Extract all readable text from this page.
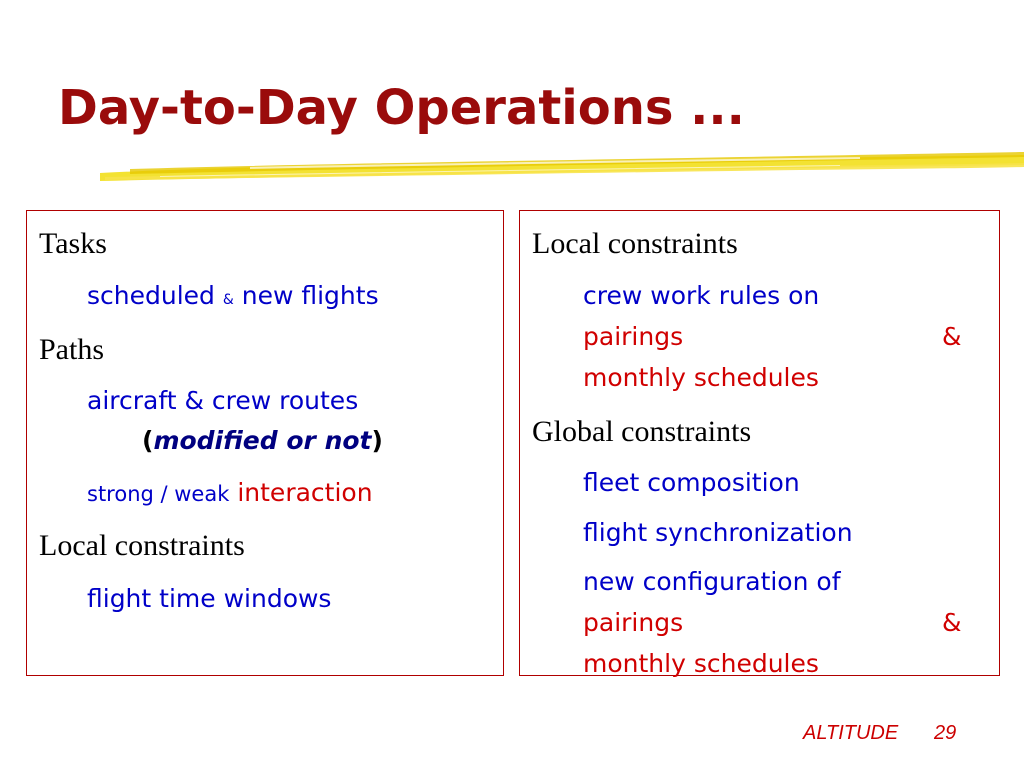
Day-to-Day Operations ...
Tasks
scheduled & new flights
Paths
aircraft & crew routes
(modified or not)
strong / weak interaction
Local constraints
flight time windows
Local constraints
crew work rules on
pairings	&
monthly schedules
Global constraints
fleet composition
flight synchronization
new configuration of
pairings	&
monthly schedules
ALTITUDE 29
